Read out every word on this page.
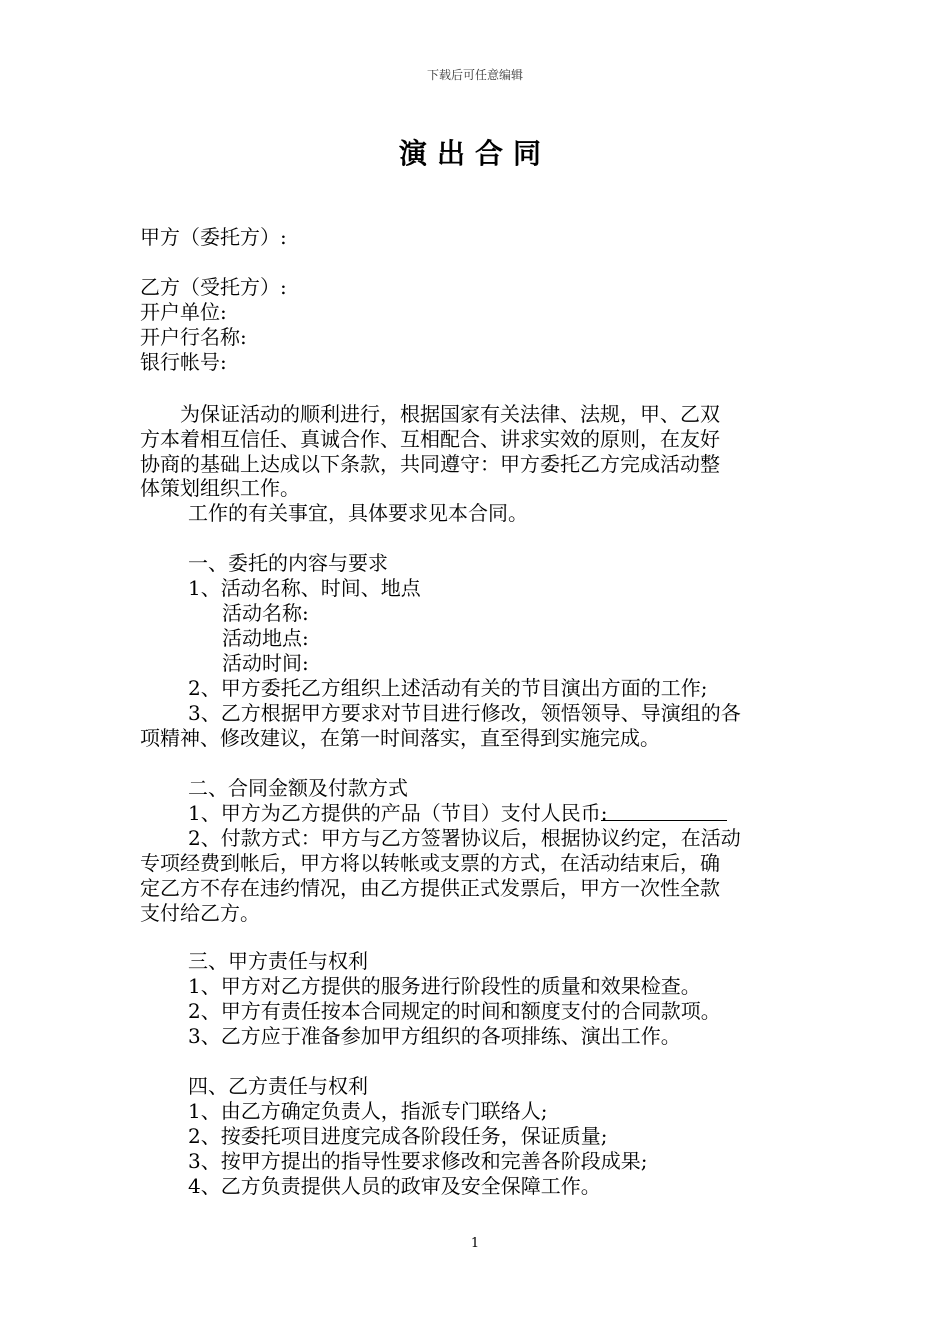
下载后可任意编辑
演出合同
甲方（委托方）:
乙方（受托方）:
开户单位:
开户行名称:
银行帐号:
为保证活动的顺利进行，根据国家有关法律、法规，甲、乙双
方本着相互信任、真诚合作、互相配合、讲求实效的原则，在友好
协商的基础上达成以下条款，共同遵守：甲方委托乙方完成活动整
体策划组织工作。
工作的有关事宜，具体要求见本合同。
一、委托的内容与要求
1、活动名称、时间、地点
活动名称:
活动地点:
活动时间:
2、甲方委托乙方组织上述活动有关的节目演出方面的工作;
3、乙方根据甲方要求对节目进行修改，领悟领导、导演组的各
项精神、修改建议，在第一时间落实，直至得到实施完成。
二、合同金额及付款方式
1、甲方为乙方提供的产品（节目）支付人民币:
2、付款方式：甲方与乙方签署协议后，根据协议约定，在活动
专项经费到帐后，甲方将以转帐或支票的方式，在活动结束后，确
定乙方不存在违约情况，由乙方提供正式发票后，甲方一次性全款
支付给乙方。
三、甲方责任与权利
1、甲方对乙方提供的服务进行阶段性的质量和效果检查。
2、甲方有责任按本合同规定的时间和额度支付的合同款项。
3、乙方应于准备参加甲方组织的各项排练、演出工作。
四、乙方责任与权利
1、由乙方确定负责人，指派专门联络人;
2、按委托项目进度完成各阶段任务，保证质量;
3、按甲方提出的指导性要求修改和完善各阶段成果;
4、乙方负责提供人员的政审及安全保障工作。
1
